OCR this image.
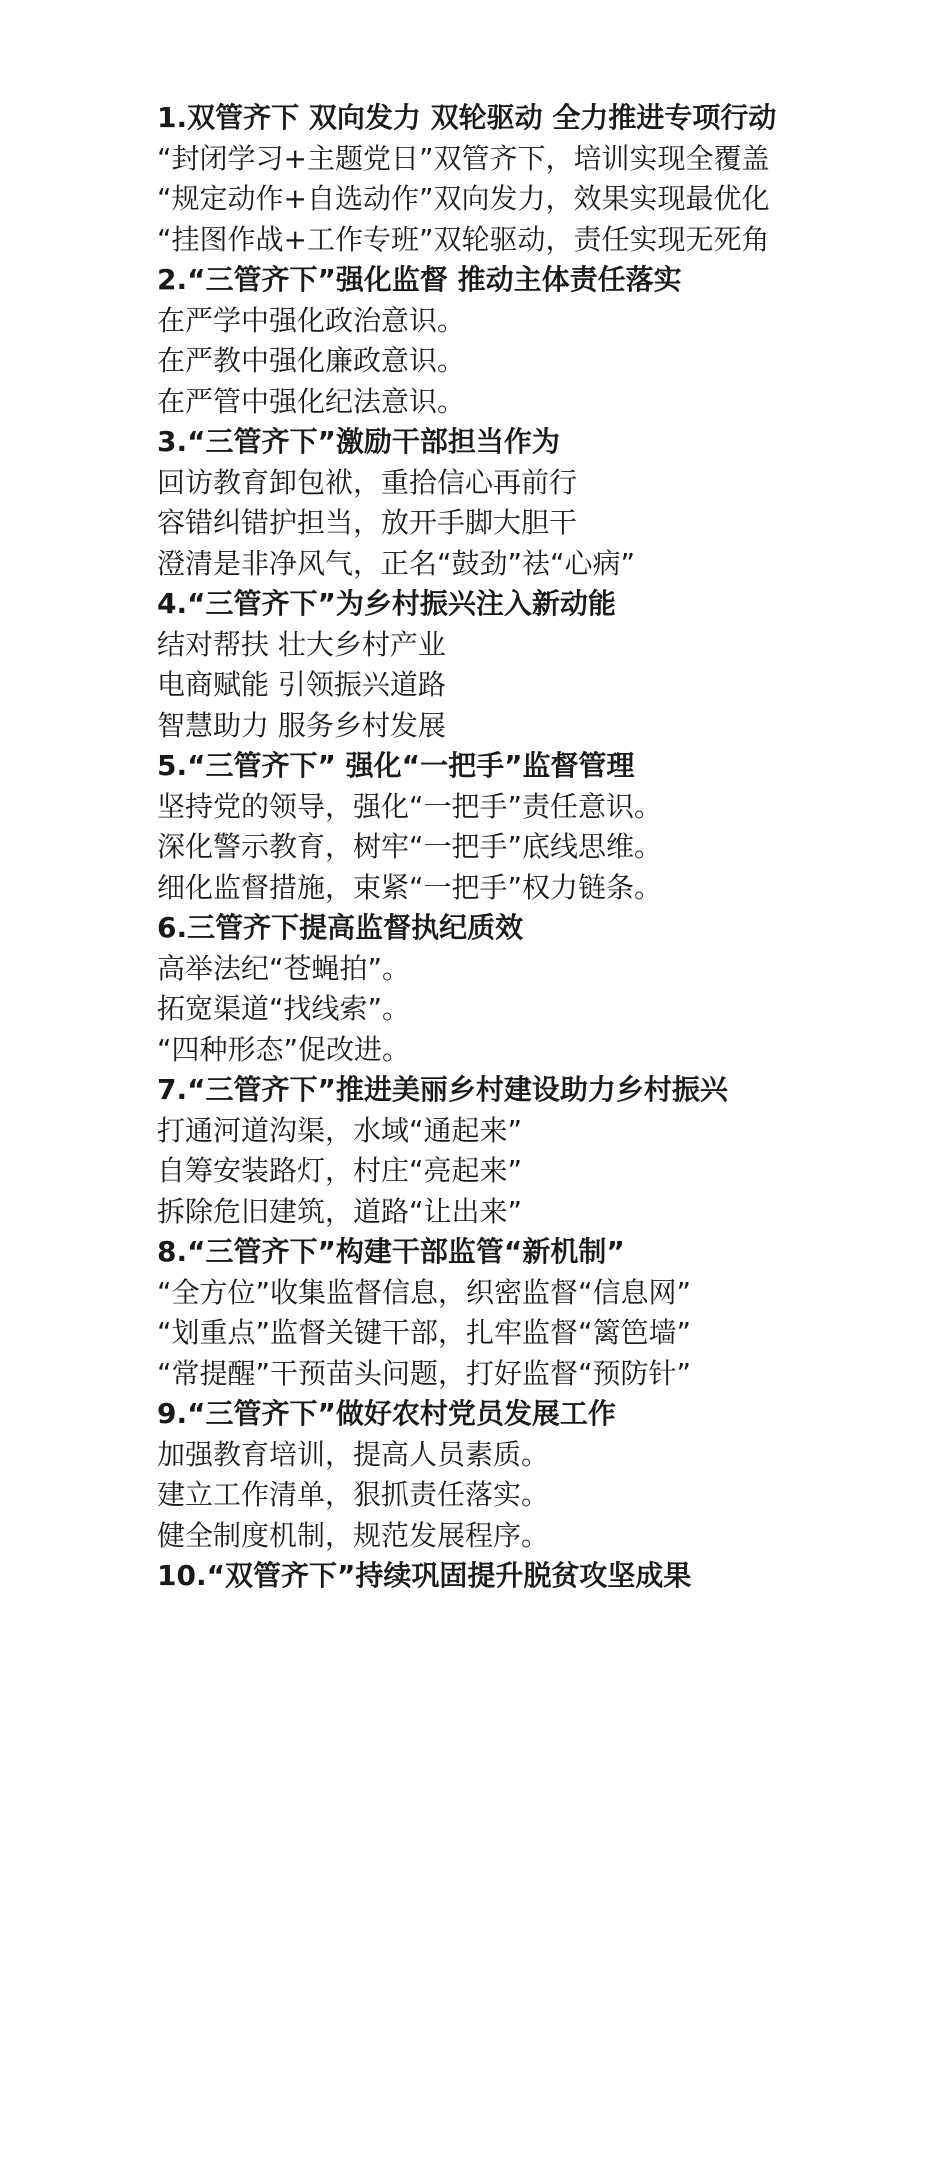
1.双管齐下 双向发力 双轮驱动 全力推进专项行动
“封闭学习+主题党日”双管齐下，培训实现全覆盖
“规定动作+自选动作”双向发力，效果实现最优化
“挂图作战+工作专班”双轮驱动，责任实现无死角
2.“三管齐下”强化监督 推动主体责任落实
在严学中强化政治意识。
在严教中强化廉政意识。
在严管中强化纪法意识。
3.“三管齐下”激励干部担当作为
回访教育卸包袱，重拾信心再前行
容错纠错护担当，放开手脚大胆干
澄清是非净风气，正名“鼓劲”祛“心病”
4.“三管齐下”为乡村振兴注入新动能
结对帮扶 壮大乡村产业
电商赋能 引领振兴道路
智慧助力 服务乡村发展
5.“三管齐下” 强化“一把手”监督管理
坚持党的领导，强化“一把手”责任意识。
深化警示教育，树牢“一把手”底线思维。
细化监督措施，束紧“一把手”权力链条。
6.三管齐下提高监督执纪质效
高举法纪“苍蝇拍”。
拓宽渠道“找线索”。
“四种形态”促改进。
7.“三管齐下”推进美丽乡村建设助力乡村振兴
打通河道沟渠，水域“通起来”
自筹安装路灯，村庄“亮起来”
拆除危旧建筑，道路“让出来”
8.“三管齐下”构建干部监管“新机制”
“全方位”收集监督信息，织密监督“信息网”
“划重点”监督关键干部，扎牢监督“篱笆墙”
“常提醒”干预苗头问题，打好监督“预防针”
9.“三管齐下”做好农村党员发展工作
加强教育培训，提高人员素质。
建立工作清单，狠抓责任落实。
健全制度机制，规范发展程序。
10.“双管齐下”持续巩固提升脱贫攻坚成果
